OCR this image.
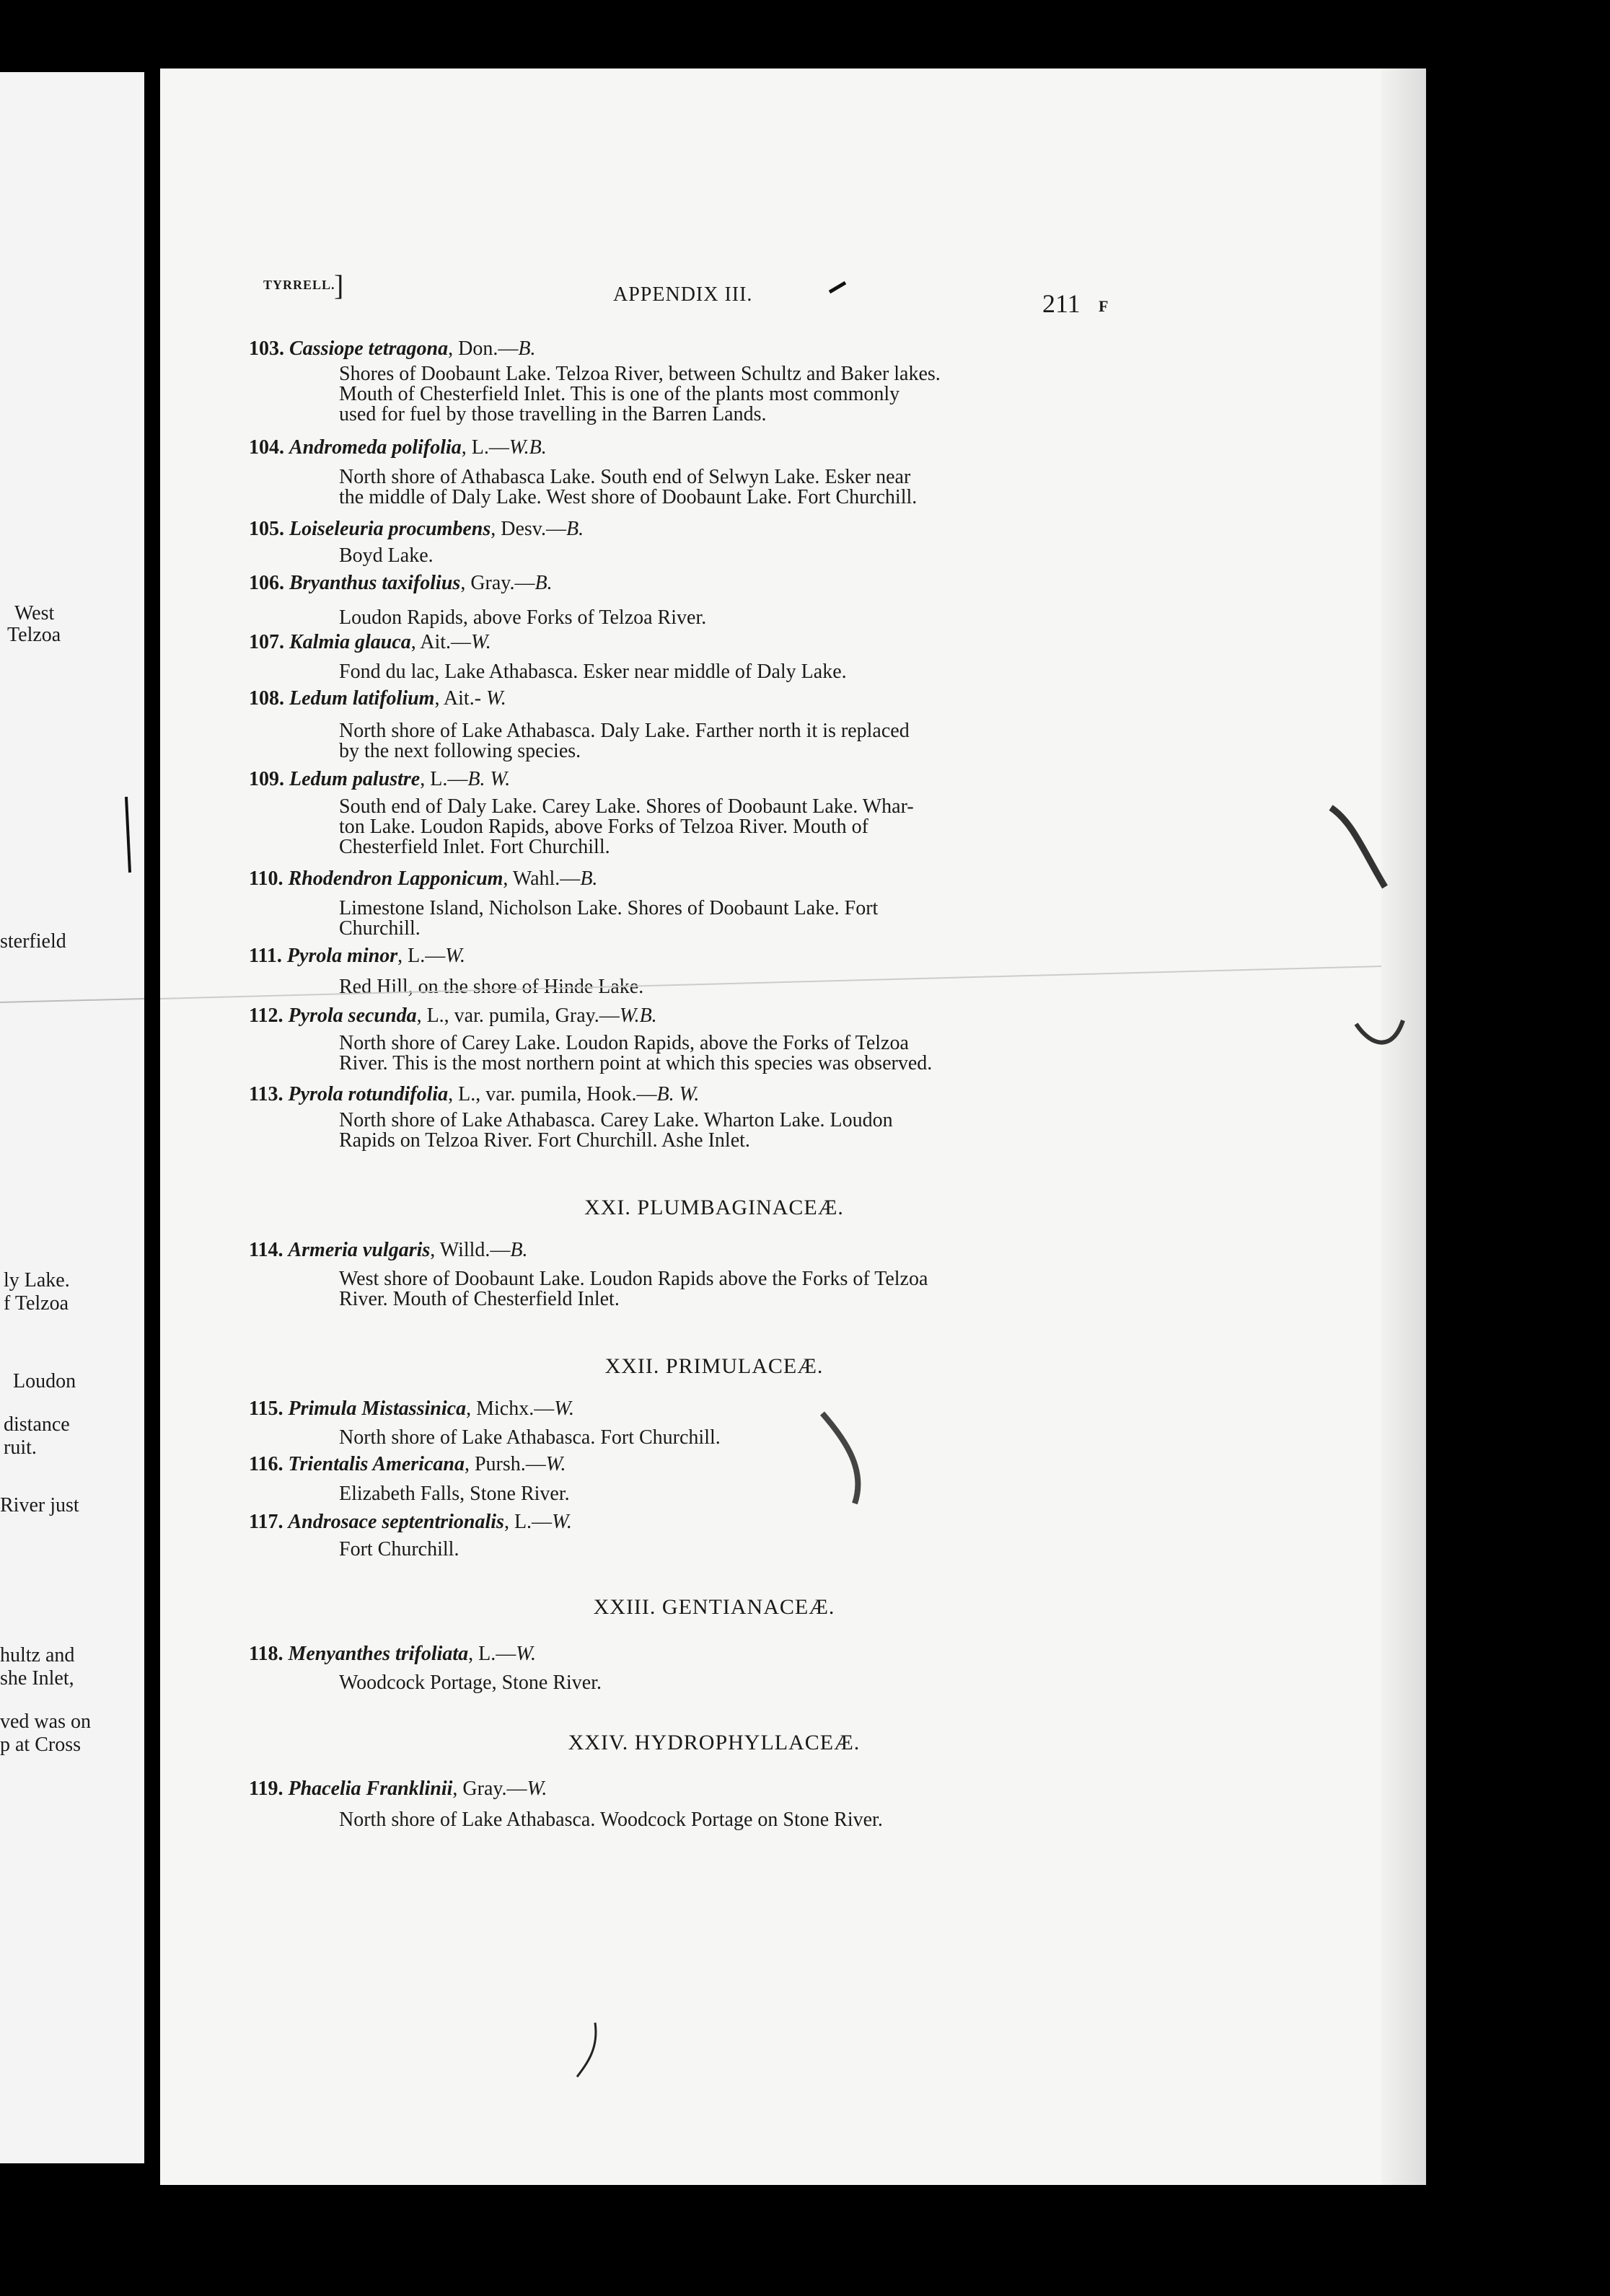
West
Telzoa
sterfield
ly Lake.
f Telzoa
Loudon
distance
ruit.
River just
hultz and
she Inlet,
ved was on
p at Cross
TYRRELL.
]	APPENDIX III.	211 F
103. Cassiope tetragona, Don.—B.
Shores of Doobaunt Lake. Telzoa River, between Schultz and Baker lakes.
Mouth of Chesterfield Inlet. This is one of the plants most commonly
used for fuel by those travelling in the Barren Lands.
104. Andromeda polifolia, L.—W.B.
North shore of Athabasca Lake. South end of Selwyn Lake. Esker near
the middle of Daly Lake. West shore of Doobaunt Lake. Fort Churchill.
105. Loiseleuria procumbens, Desv.—B.
Boyd Lake.
106. Bryanthus taxifolius, Gray.—B.
Loudon Rapids, above Forks of Telzoa River.
107. Kalmia glauca, Ait.—W.
Fond du lac, Lake Athabasca. Esker near middle of Daly Lake.
108. Ledum latifolium, Ait.- W.
North shore of Lake Athabasca. Daly Lake. Farther north it is replaced
by the next following species.
109. Ledum palustre, L.—B. W.
South end of Daly Lake. Carey Lake. Shores of Doobaunt Lake. Whar-
ton Lake. Loudon Rapids, above Forks of Telzoa River. Mouth of
Chesterfield Inlet. Fort Churchill.
110. Rhodendron Lapponicum, Wahl.—B.
Limestone Island, Nicholson Lake. Shores of Doobaunt Lake. Fort
Churchill.
111. Pyrola minor, L.—W.
Red Hill, on the shore of Hinde Lake.
112. Pyrola secunda, L., var. pumila, Gray.—W.B.
North shore of Carey Lake. Loudon Rapids, above the Forks of Telzoa
River. This is the most northern point at which this species was observed.
113. Pyrola rotundifolia, L., var. pumila, Hook.—B. W.
North shore of Lake Athabasca. Carey Lake. Wharton Lake. Loudon
Rapids on Telzoa River. Fort Churchill. Ashe Inlet.
XXI. PLUMBAGINACEÆ.
114. Armeria vulgaris, Willd.—B.
West shore of Doobaunt Lake. Loudon Rapids above the Forks of Telzoa
River. Mouth of Chesterfield Inlet.
XXII. PRIMULACEÆ.
115. Primula Mistassinica, Michx.—W.
North shore of Lake Athabasca. Fort Churchill.
116. Trientalis Americana, Pursh.—W.
Elizabeth Falls, Stone River.
117. Androsace septentrionalis, L.—W.
Fort Churchill.
XXIII. GENTIANACEÆ.
118. Menyanthes trifoliata, L.—W.
Woodcock Portage, Stone River.
XXIV. HYDROPHYLLACEÆ.
119. Phacelia Franklinii, Gray.—W.
North shore of Lake Athabasca. Woodcock Portage on Stone River.
